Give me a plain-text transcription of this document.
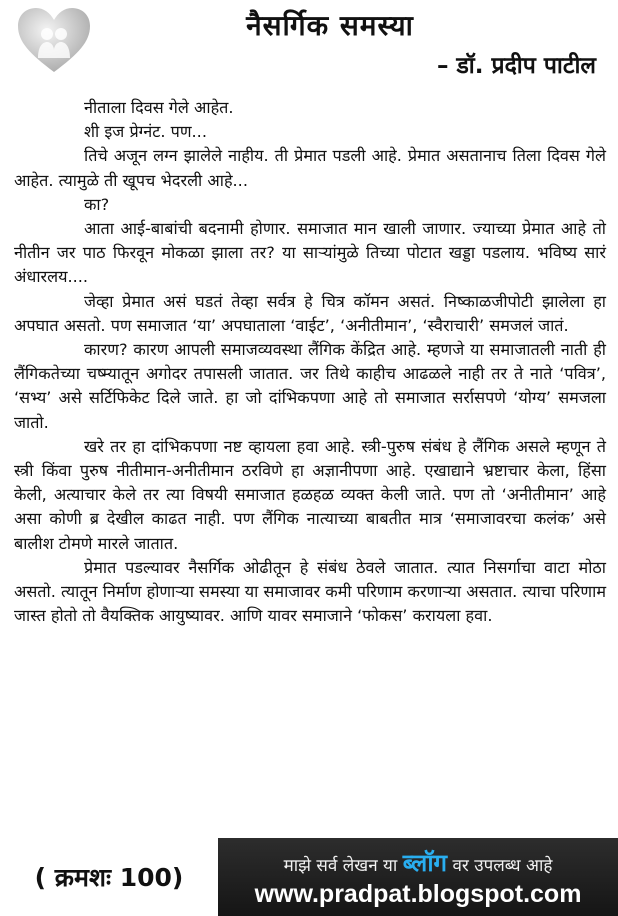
नैसर्गिक समस्या
– डॉ. प्रदीप पाटील

नीताला दिवस गेले आहेत.

शी इज प्रेग्नंट. पण...

तिचे अजून लग्न झालेले नाहीय. ती प्रेमात पडली आहे. प्रेमात असतानाच तिला दिवस गेले आहेत. त्यामुळे ती खूपच भेदरली आहे...

का?

आता आई-बाबांची बदनामी होणार. समाजात मान खाली जाणार. ज्याच्या प्रेमात आहे तो नीतीन जर पाठ फिरवून मोकळा झाला तर? या साऱ्यांमुळे तिच्या पोटात खड्डा पडलाय. भविष्य सारं अंधारलय....

जेव्हा प्रेमात असं घडतं तेव्हा सर्वत्र हे चित्र कॉमन असतं. निष्काळजीपोटी झालेला हा अपघात असतो. पण समाजात ‘या’ अपघाताला ‘वाईट’, ‘अनीतीमान’, ‘स्वैराचारी’ समजलं जातं.

कारण? कारण आपली समाजव्यवस्था लैंगिक केंद्रित आहे. म्हणजे या समाजातली नाती ही लैंगिकतेच्या चष्म्यातून अगोदर तपासली जातात. जर तिथे काहीच आढळले नाही तर ते नाते ‘पवित्र’, ‘सभ्य’ असे सर्टिफिकेट दिले जाते. हा जो दांभिकपणा आहे तो समाजात सर्रासपणे ‘योग्य’ समजला जातो.

खरे तर हा दांभिकपणा नष्ट व्हायला हवा आहे. स्त्री-पुरुष संबंध हे लैंगिक असले म्हणून ते स्त्री किंवा पुरुष नीतीमान-अनीतीमान ठरविणे हा अज्ञानीपणा आहे. एखाद्याने भ्रष्टाचार केला, हिंसा केली, अत्याचार केले तर त्या विषयी समाजात हळहळ व्यक्त केली जाते. पण तो ‘अनीतीमान’ आहे असा कोणी ब्र देखील काढत नाही. पण लैंगिक नात्याच्या बाबतीत मात्र ‘समाजावरचा कलंक’ असे बालीश टोमणे मारले जातात.

प्रेमात पडल्यावर नैसर्गिक ओढीतून हे संबंध ठेवले जातात. त्यात निसर्गाचा वाटा मोठा असतो. त्यातून निर्माण होणाऱ्या समस्या या समाजावर कमी परिणाम करणाऱ्या असतात. त्याचा परिणाम जास्त होतो तो वैयक्तिक आयुष्यावर. आणि यावर समाजाने ‘फोकस’ करायला हवा.

( क्रमशः 100)	माझे सर्व लेखन या ब्लॉग वर उपलब्ध आहे
www.pradpat.blogspot.com
